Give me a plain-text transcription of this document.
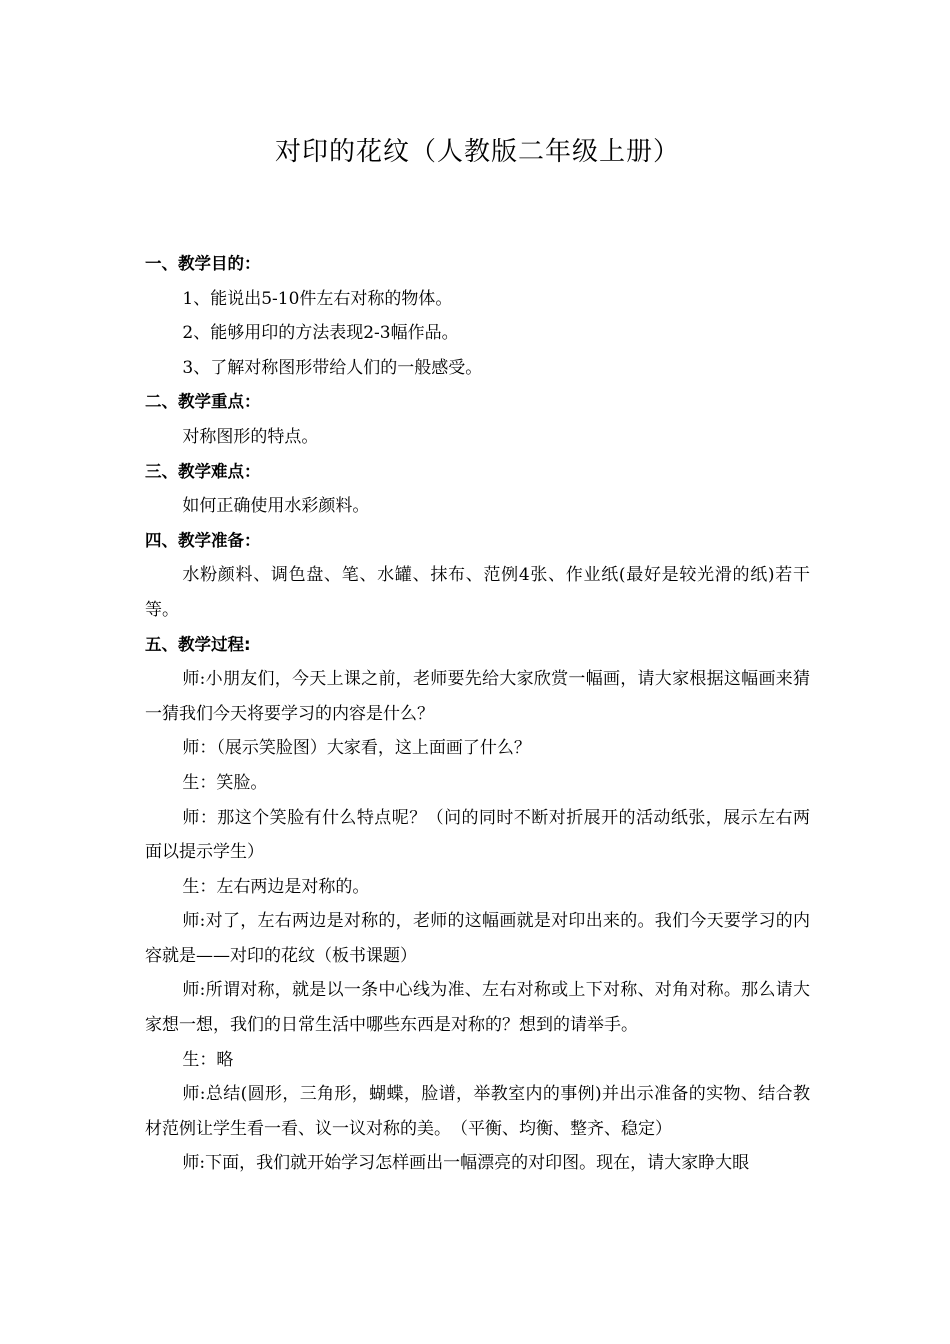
对印的花纹（人教版二年级上册）

一、教学目的：

1、能说出5-10件左右对称的物体。

2、能够用印的方法表现2-3幅作品。

3、了解对称图形带给人们的一般感受。

二、教学重点：

对称图形的特点。

三、教学难点：

如何正确使用水彩颜料。

四、教学准备：

水粉颜料、调色盘、笔、水罐、抹布、范例4张、作业纸(最好是较光滑的纸)若干等。

五、教学过程:

师:小朋友们，今天上课之前，老师要先给大家欣赏一幅画，请大家根据这幅画来猜一猜我们今天将要学习的内容是什么？

师：（展示笑脸图）大家看，这上面画了什么？

生：笑脸。

师：那这个笑脸有什么特点呢？（问的同时不断对折展开的活动纸张，展示左右两面以提示学生）

生：左右两边是对称的。

师:对了，左右两边是对称的，老师的这幅画就是对印出来的。我们今天要学习的内容就是——对印的花纹（板书课题）

师:所谓对称，就是以一条中心线为准、左右对称或上下对称、对角对称。那么请大家想一想，我们的日常生活中哪些东西是对称的？想到的请举手。

生：略

师:总结(圆形，三角形，蝴蝶，脸谱，举教室内的事例)并出示准备的实物、结合教材范例让学生看一看、议一议对称的美。　（平衡、均衡、整齐、稳定）

师:下面，我们就开始学习怎样画出一幅漂亮的对印图。现在，请大家睁大眼
